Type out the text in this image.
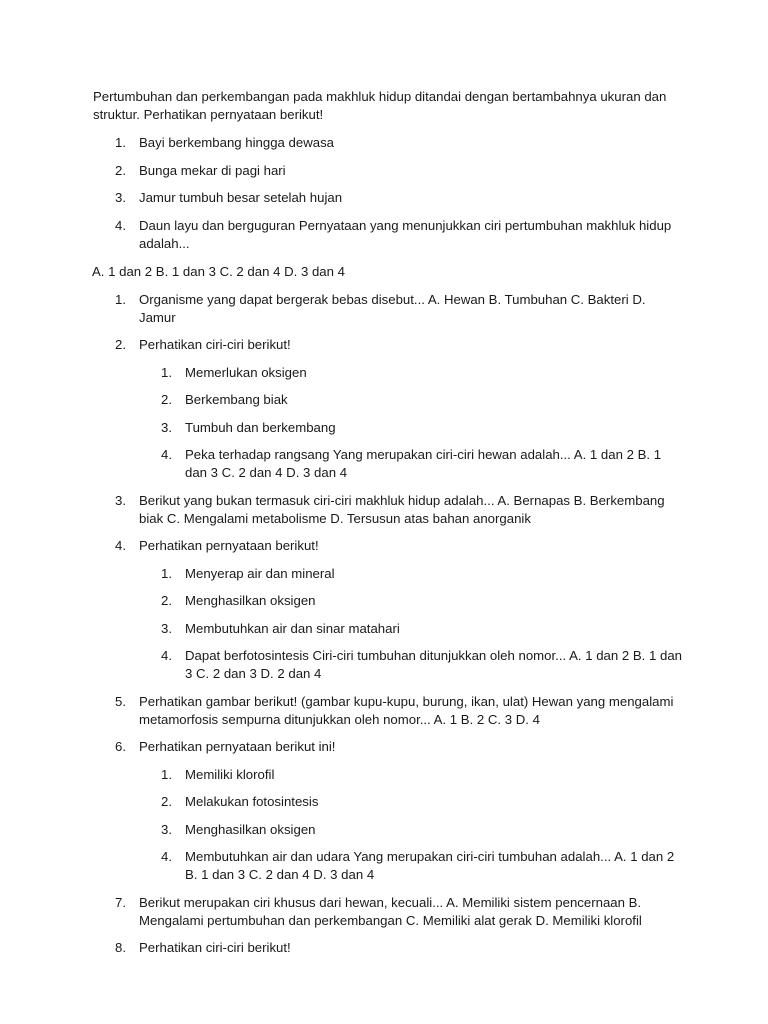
Pertumbuhan dan perkembangan pada makhluk hidup ditandai dengan bertambahnya ukuran dan struktur. Perhatikan pernyataan berikut!

1. Bayi berkembang hingga dewasa
2. Bunga mekar di pagi hari
3. Jamur tumbuh besar setelah hujan
4. Daun layu dan berguguran Pernyataan yang menunjukkan ciri pertumbuhan makhluk hidup adalah...

A. 1 dan 2 B. 1 dan 3 C. 2 dan 4 D. 3 dan 4

1. Organisme yang dapat bergerak bebas disebut... A. Hewan B. Tumbuhan C. Bakteri D. Jamur
2. Perhatikan ciri-ciri berikut!
1. Memerlukan oksigen
2. Berkembang biak
3. Tumbuh dan berkembang
4. Peka terhadap rangsang Yang merupakan ciri-ciri hewan adalah... A. 1 dan 2 B. 1 dan 3 C. 2 dan 4 D. 3 dan 4
3. Berikut yang bukan termasuk ciri-ciri makhluk hidup adalah... A. Bernapas B. Berkembang biak C. Mengalami metabolisme D. Tersusun atas bahan anorganik
4. Perhatikan pernyataan berikut!
1. Menyerap air dan mineral
2. Menghasilkan oksigen
3. Membutuhkan air dan sinar matahari
4. Dapat berfotosintesis Ciri-ciri tumbuhan ditunjukkan oleh nomor... A. 1 dan 2 B. 1 dan 3 C. 2 dan 3 D. 2 dan 4
5. Perhatikan gambar berikut! (gambar kupu-kupu, burung, ikan, ulat) Hewan yang mengalami metamorfosis sempurna ditunjukkan oleh nomor... A. 1 B. 2 C. 3 D. 4
6. Perhatikan pernyataan berikut ini!
1. Memiliki klorofil
2. Melakukan fotosintesis
3. Menghasilkan oksigen
4. Membutuhkan air dan udara Yang merupakan ciri-ciri tumbuhan adalah... A. 1 dan 2 B. 1 dan 3 C. 2 dan 4 D. 3 dan 4
7. Berikut merupakan ciri khusus dari hewan, kecuali... A. Memiliki sistem pencernaan B. Mengalami pertumbuhan dan perkembangan C. Memiliki alat gerak D. Memiliki klorofil
8. Perhatikan ciri-ciri berikut!
